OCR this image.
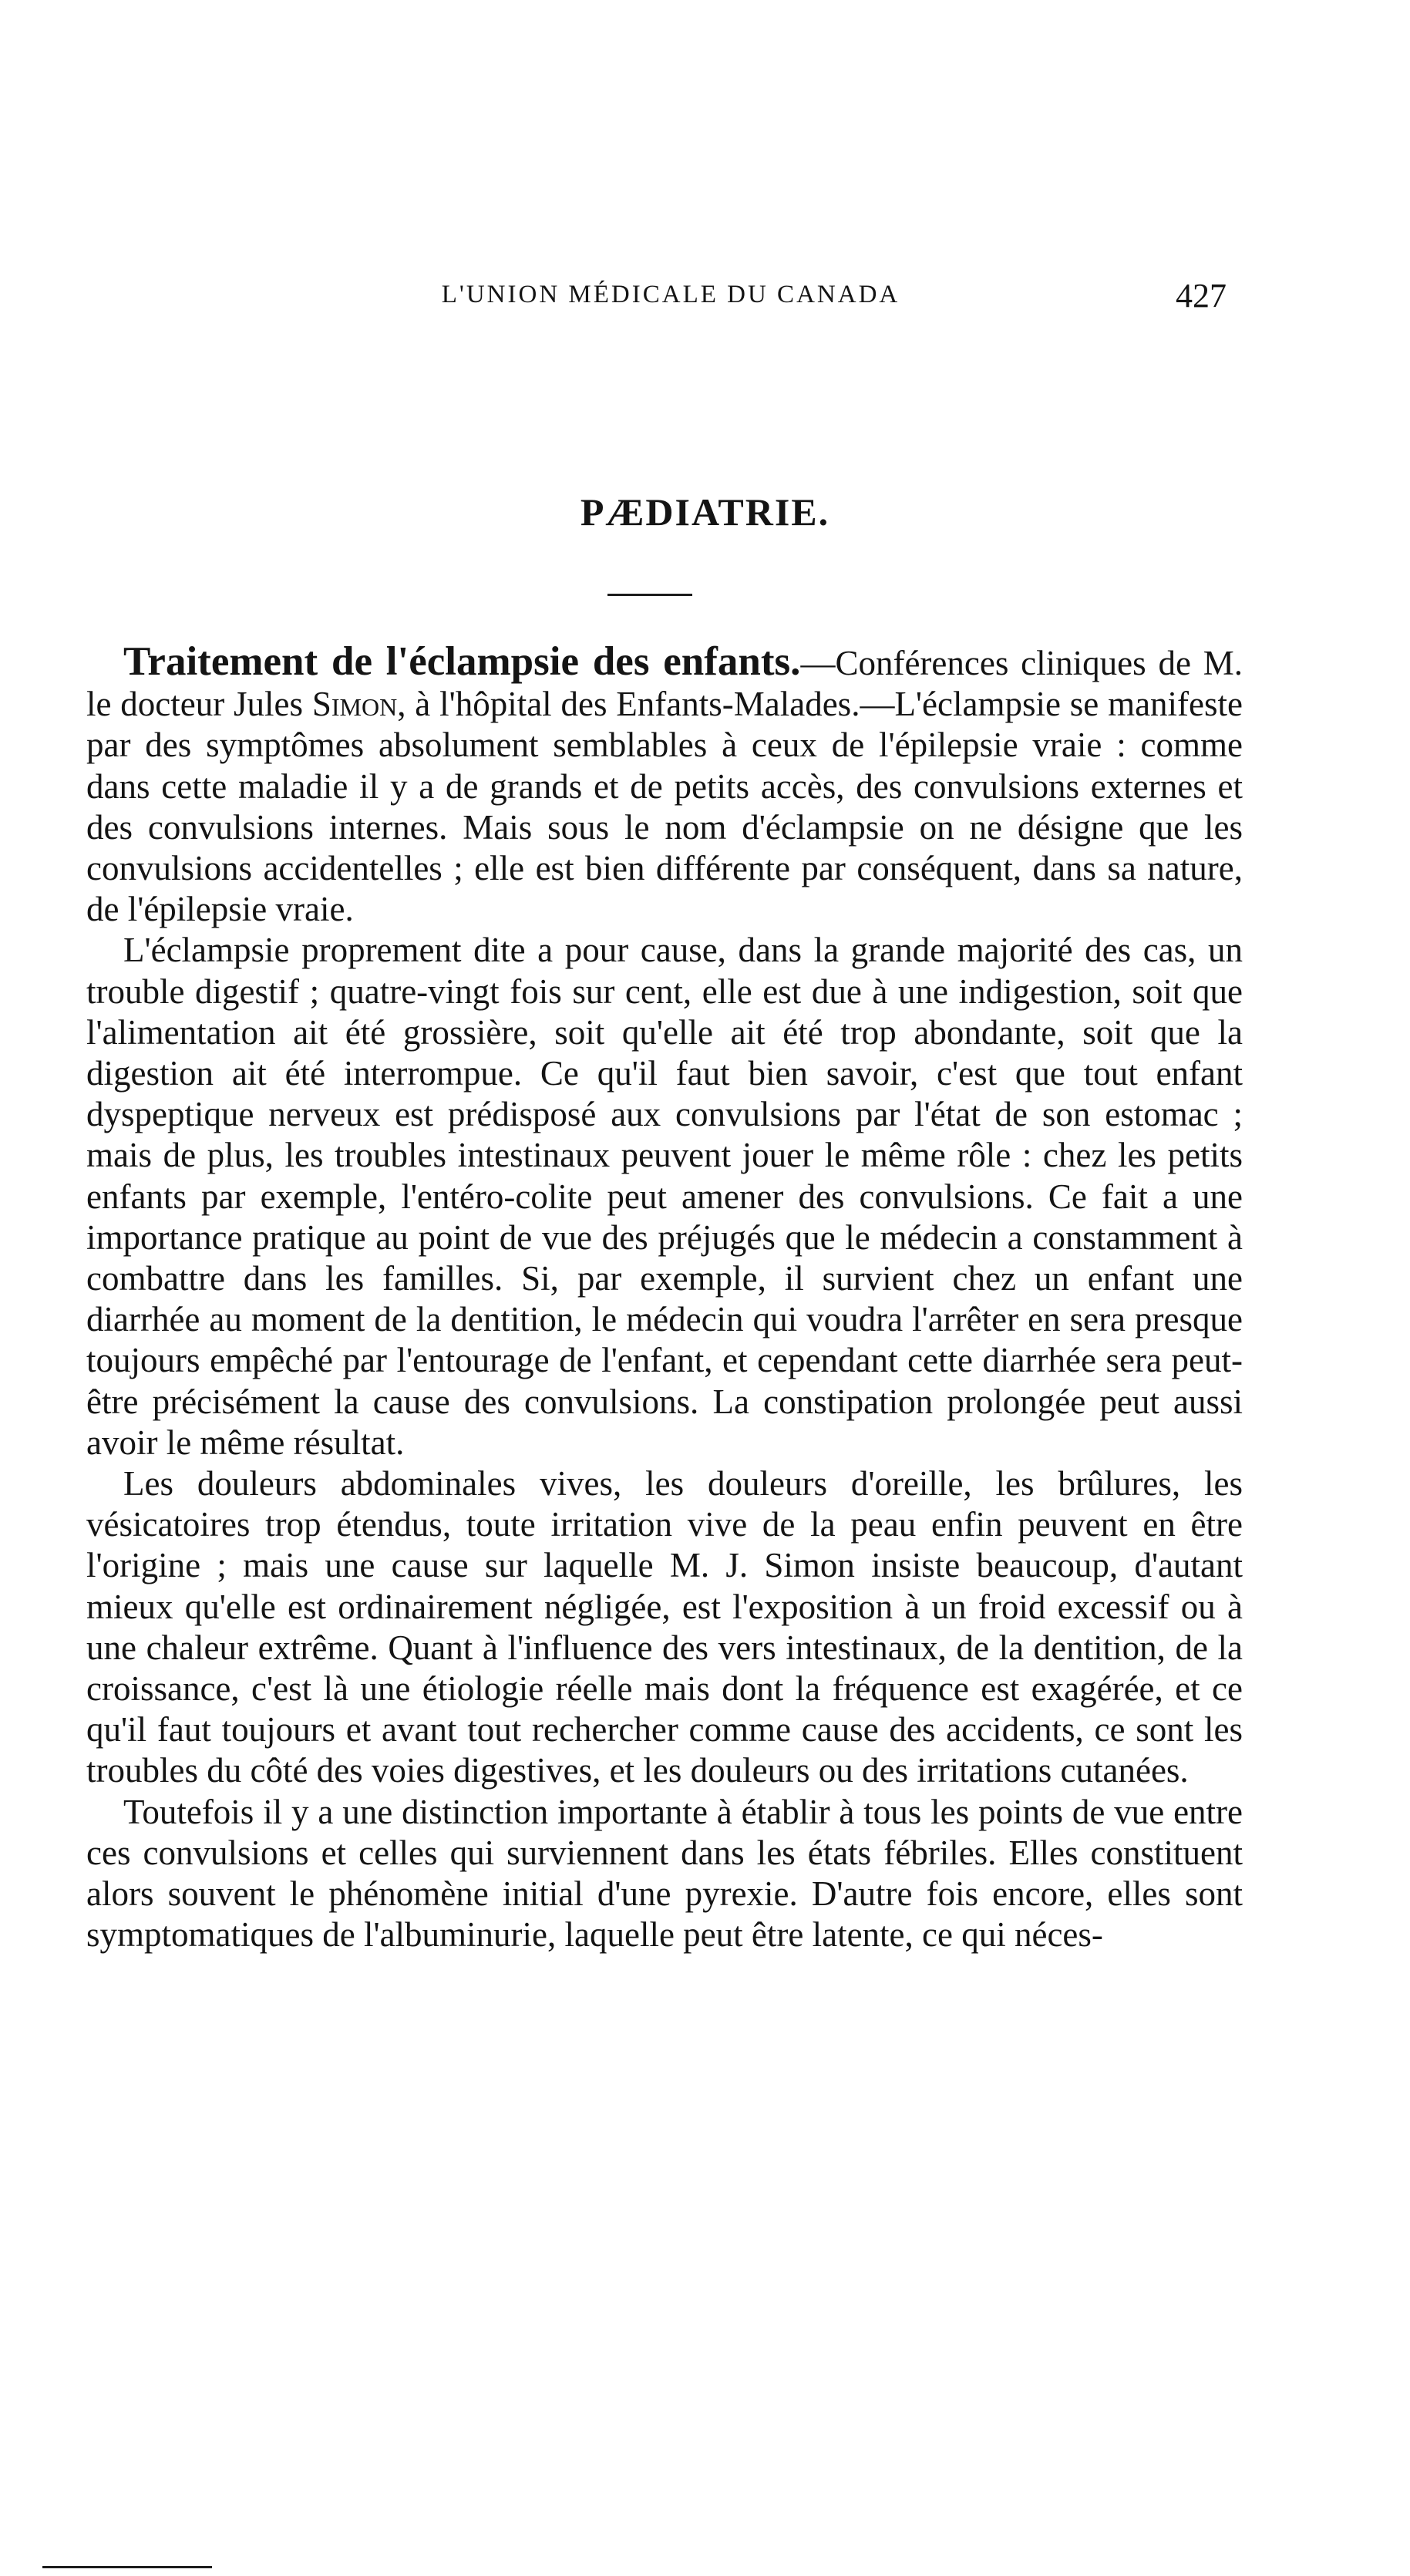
L'UNION MÉDICALE DU CANADA	427
PÆDIATRIE.

Traitement de l'éclampsie des enfants.—Conférences cliniques de M. le docteur Jules Simon, à l'hôpital des Enfants-Malades.—L'éclampsie se manifeste par des symptômes absolument semblables à ceux de l'épilepsie vraie : comme dans cette maladie il y a de grands et de petits accès, des convulsions externes et des convulsions internes. Mais sous le nom d'éclampsie on ne désigne que les convulsions accidentelles ; elle est bien différente par conséquent, dans sa nature, de l'épilepsie vraie.

L'éclampsie proprement dite a pour cause, dans la grande majorité des cas, un trouble digestif ; quatre-vingt fois sur cent, elle est due à une indigestion, soit que l'alimentation ait été grossière, soit qu'elle ait été trop abondante, soit que la digestion ait été interrompue. Ce qu'il faut bien savoir, c'est que tout enfant dyspeptique nerveux est prédisposé aux convulsions par l'état de son estomac ; mais de plus, les troubles intestinaux peuvent jouer le même rôle : chez les petits enfants par exemple, l'entéro-colite peut amener des convulsions. Ce fait a une importance pratique au point de vue des préjugés que le médecin a constamment à combattre dans les familles. Si, par exemple, il survient chez un enfant une diarrhée au moment de la dentition, le médecin qui voudra l'arrêter en sera presque toujours empêché par l'entourage de l'enfant, et cependant cette diarrhée sera peut-être précisément la cause des convulsions. La constipation prolongée peut aussi avoir le même résultat.

Les douleurs abdominales vives, les douleurs d'oreille, les brûlures, les vésicatoires trop étendus, toute irritation vive de la peau enfin peuvent en être l'origine ; mais une cause sur laquelle M. J. Simon insiste beaucoup, d'autant mieux qu'elle est ordinairement négligée, est l'exposition à un froid excessif ou à une chaleur extrême. Quant à l'influence des vers intestinaux, de la dentition, de la croissance, c'est là une étiologie réelle mais dont la fréquence est exagérée, et ce qu'il faut toujours et avant tout rechercher comme cause des accidents, ce sont les troubles du côté des voies digestives, et les douleurs ou des irritations cutanées.

Toutefois il y a une distinction importante à établir à tous les points de vue entre ces convulsions et celles qui surviennent dans les états fébriles. Elles constituent alors souvent le phénomène initial d'une pyrexie. D'autre fois encore, elles sont symptomatiques de l'albuminurie, laquelle peut être latente, ce qui néces-
